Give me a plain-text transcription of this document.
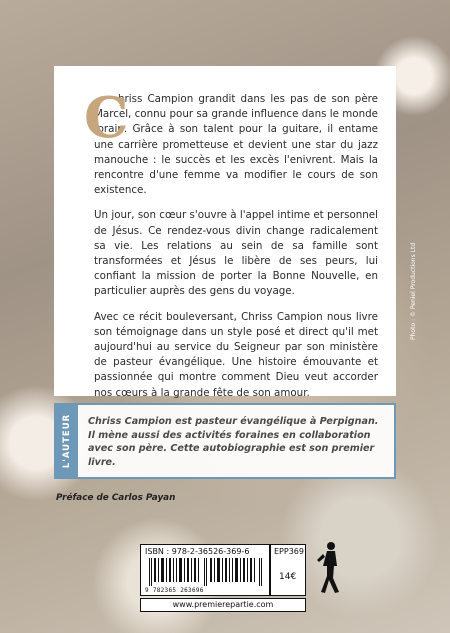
C

hriss Campion grandit dans les pas de son père Marcel, connu pour sa grande influence dans le monde forain. Grâce à son talent pour la guitare, il entame une carrière prometteuse et devient une star du jazz manouche : le succès et les excès l'enivrent. Mais la rencontre d'une femme va modifier le cours de son existence.

Un jour, son cœur s'ouvre à l'appel intime et personnel de Jésus. Ce rendez-vous divin change radicalement sa vie. Les relations au sein de sa famille sont transformées et Jésus le libère de ses peurs, lui confiant la mission de porter la Bonne Nouvelle, en particulier auprès des gens du voyage.

Avec ce récit bouleversant, Chriss Campion nous livre son témoignage dans un style posé et direct qu'il met aujourd'hui au service du Seigneur par son ministère de pasteur évangélique. Une histoire émouvante et passionnée qui montre comment Dieu veut accorder nos cœurs à la grande fête de son amour.

Photo : © Peniel Productions Ltd
L'AUTEUR Chriss Campion est pasteur évangélique à Perpignan. Il mène aussi des activités foraines en collaboration avec son père. Cette autobiographie est son premier livre.
Préface de Carlos Payan
ISBN : 978-2-36526-369-6
9 782365 263696
EPP369
14€
www.premierepartie.com
